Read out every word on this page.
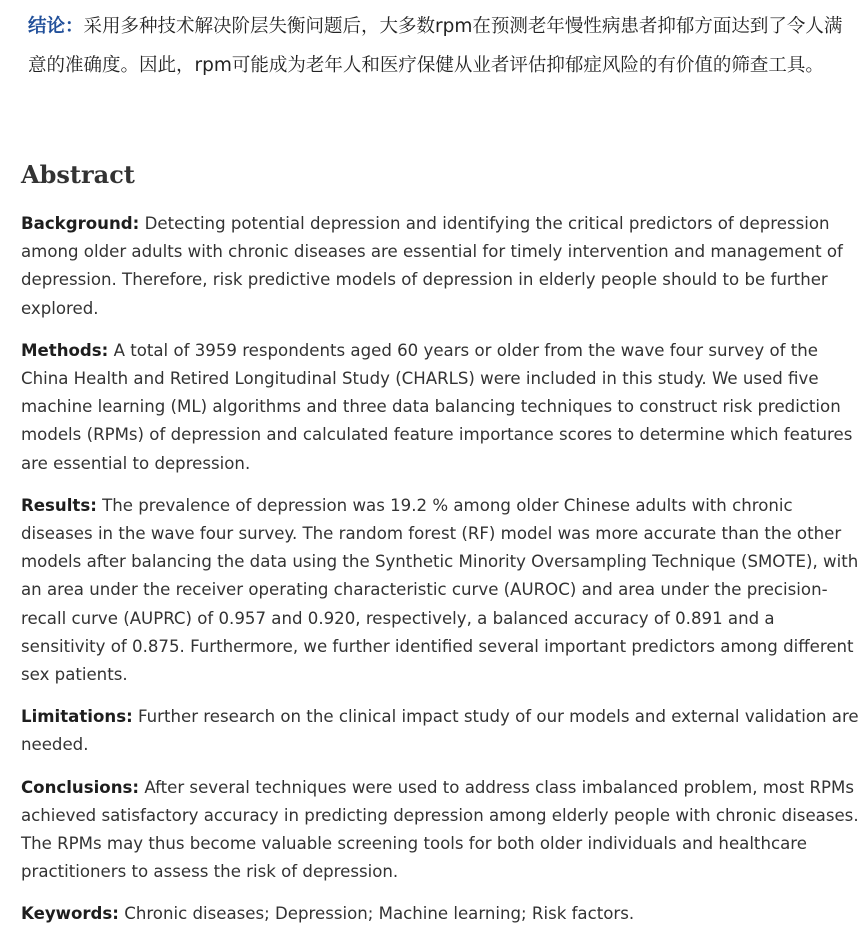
结论：采用多种技术解决阶层失衡问题后，大多数rpm在预测老年慢性病患者抑郁方面达到了令人满意的准确度。因此，rpm可能成为老年人和医疗保健从业者评估抑郁症风险的有价值的筛查工具。
Abstract

Background: Detecting potential depression and identifying the critical predictors of depression among older adults with chronic diseases are essential for timely intervention and management of depression. Therefore, risk predictive models of depression in elderly people should to be further explored.

Methods: A total of 3959 respondents aged 60 years or older from the wave four survey of the China Health and Retired Longitudinal Study (CHARLS) were included in this study. We used five machine learning (ML) algorithms and three data balancing techniques to construct risk prediction models (RPMs) of depression and calculated feature importance scores to determine which features are essential to depression.

Results: The prevalence of depression was 19.2 % among older Chinese adults with chronic diseases in the wave four survey. The random forest (RF) model was more accurate than the other models after balancing the data using the Synthetic Minority Oversampling Technique (SMOTE), with an area under the receiver operating characteristic curve (AUROC) and area under the precision-recall curve (AUPRC) of 0.957 and 0.920, respectively, a balanced accuracy of 0.891 and a sensitivity of 0.875. Furthermore, we further identified several important predictors among different sex patients.

Limitations: Further research on the clinical impact study of our models and external validation are needed.

Conclusions: After several techniques were used to address class imbalanced problem, most RPMs achieved satisfactory accuracy in predicting depression among elderly people with chronic diseases. The RPMs may thus become valuable screening tools for both older individuals and healthcare practitioners to assess the risk of depression.

Keywords: Chronic diseases; Depression; Machine learning; Risk factors.
